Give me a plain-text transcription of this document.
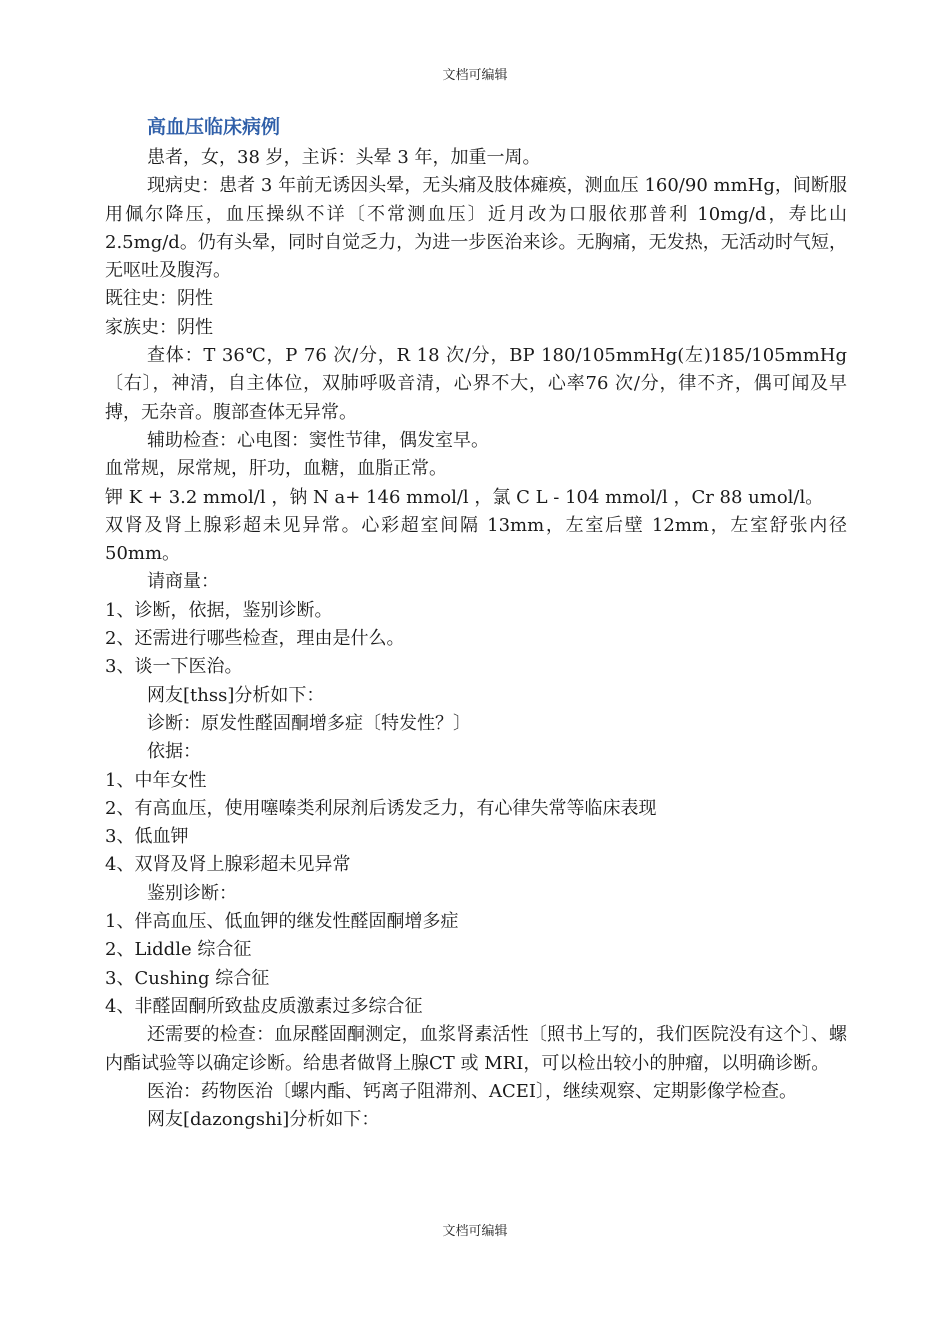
文档可编辑
高血压临床病例

患者，女，38 岁，主诉：头晕 3 年，加重一周。

现病史：患者 3 年前无诱因头晕，无头痛及肢体瘫痪，测血压 160/90 mmHg，间断服用佩尔降压，血压操纵不详〔不常测血压〕近月改为口服依那普利 10mg/d，寿比山 2.5mg/d。仍有头晕，同时自觉乏力，为进一步医治来诊。无胸痛，无发热，无活动时气短，无呕吐及腹泻。

既往史：阴性

家族史：阴性

查体：T 36℃，P 76 次/分，R 18 次/分，BP 180/105mmHg(左)185/105mmHg〔右〕，神清，自主体位，双肺呼吸音清，心界不大，心率76 次/分，律不齐，偶可闻及早搏，无杂音。腹部查体无异常。

辅助检查：心电图：窦性节律，偶发室早。

血常规，尿常规，肝功，血糖，血脂正常。

钾 K + 3.2 mmol/l ，钠 N a+ 146 mmol/l ，氯 C L - 104 mmol/l ，Cr 88 umol/l。

双肾及肾上腺彩超未见异常。心彩超室间隔 13mm，左室后壁 12mm，左室舒张内径 50mm。

请商量：

1、诊断，依据，鉴别诊断。

2、还需进行哪些检查，理由是什么。

3、谈一下医治。

网友[thss]分析如下：

诊断：原发性醛固酮增多症〔特发性？〕

依据：

1、中年女性

2、有高血压，使用噻嗪类利尿剂后诱发乏力，有心律失常等临床表现

3、低血钾

4、双肾及肾上腺彩超未见异常

鉴别诊断：

1、伴高血压、低血钾的继发性醛固酮增多症

2、Liddle 综合征

3、Cushing 综合征

4、非醛固酮所致盐皮质激素过多综合征

还需要的检查：血尿醛固酮测定，血浆肾素活性〔照书上写的，我们医院没有这个〕、螺内酯试验等以确定诊断。给患者做肾上腺CT 或 MRI，可以检出较小的肿瘤，以明确诊断。

医治：药物医治〔螺内酯、钙离子阻滞剂、ACEI〕，继续观察、定期影像学检查。

网友[dazongshi]分析如下：

文档可编辑
